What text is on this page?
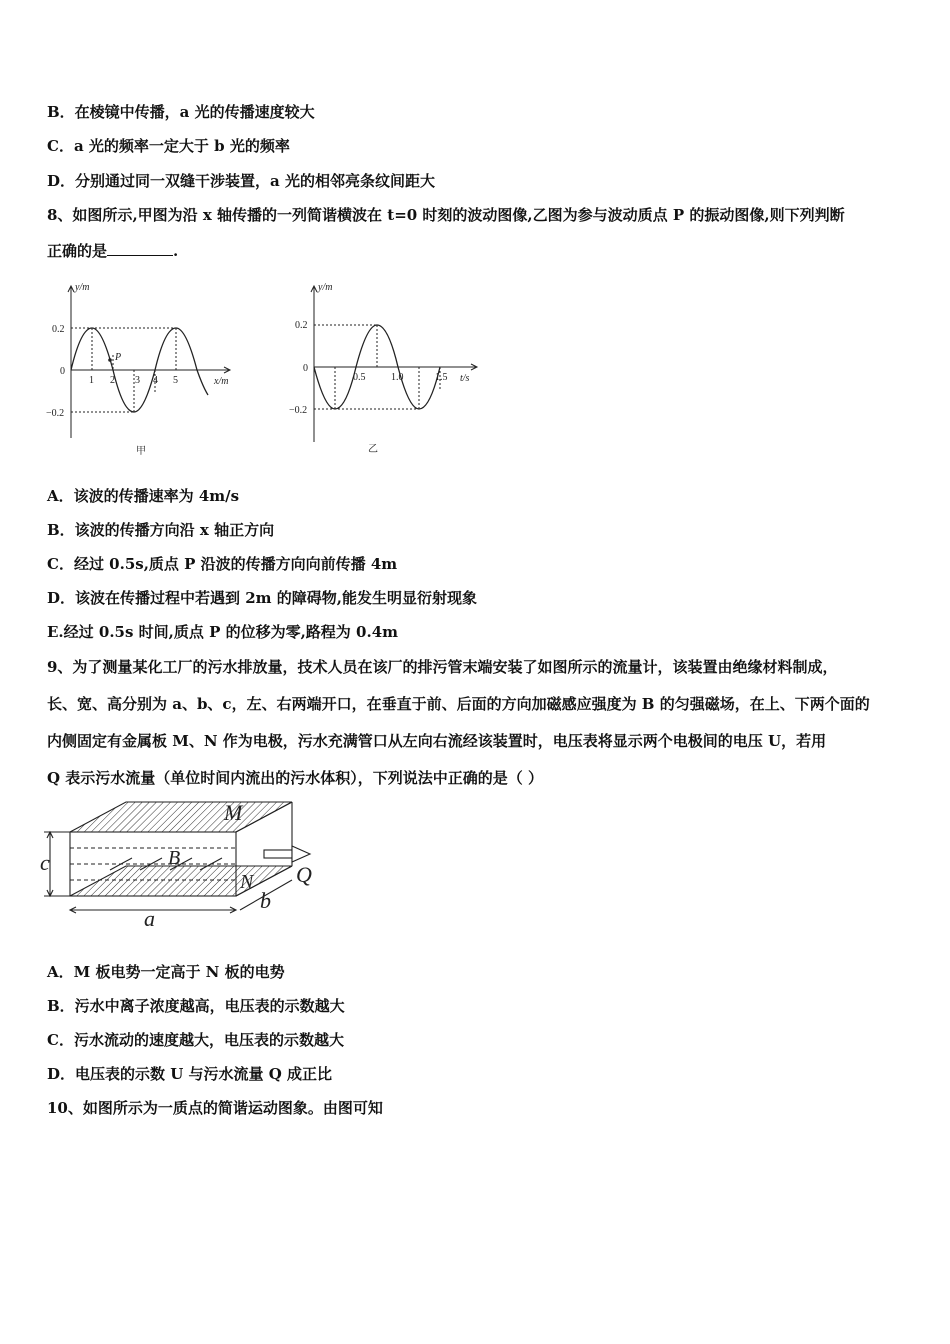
B．在棱镜中传播，a 光的传播速度较大
C．a 光的频率一定大于 b 光的频率
D．分别通过同一双缝干涉装置，a 光的相邻亮条纹间距大
8、如图所示,甲图为沿 x 轴传播的一列简谐横波在 t=0 时刻的波动图像,乙图为参与波动质点 P 的振动图像,则下列判断
正确的是	.
y/m
x/m
0.2
0
−0.2
1 2 3 4 5
P
甲
y/m
t/s
0.2
0
−0.2
0.5	1.0	1.5
乙
A．该波的传播速率为 4m/s
B．该波的传播方向沿 x 轴正方向
C．经过 0.5s,质点 P 沿波的传播方向向前传播 4m
D．该波在传播过程中若遇到 2m 的障碍物,能发生明显衍射现象
E.经过 0.5s 时间,质点 P 的位移为零,路程为 0.4m
9、为了测量某化工厂的污水排放量，技术人员在该厂的排污管末端安装了如图所示的流量计，该装置由绝缘材料制成，
长、宽、高分别为 a、b、c，左、右两端开口，在垂直于前、后面的方向加磁感应强度为 B 的匀强磁场，在上、下两个面的
内侧固定有金属板 M、N 作为电极，污水充满管口从左向右流经该装置时，电压表将显示两个电极间的电压 U，若用
Q 表示污水流量（单位时间内流出的污水体积），下列说法中正确的是（ ）
M
B
N Q
c
a
b
A．M 板电势一定高于 N 板的电势
B．污水中离子浓度越高，电压表的示数越大
C．污水流动的速度越大，电压表的示数越大
D．电压表的示数 U 与污水流量 Q 成正比
10、如图所示为一质点的简谐运动图象。由图可知
